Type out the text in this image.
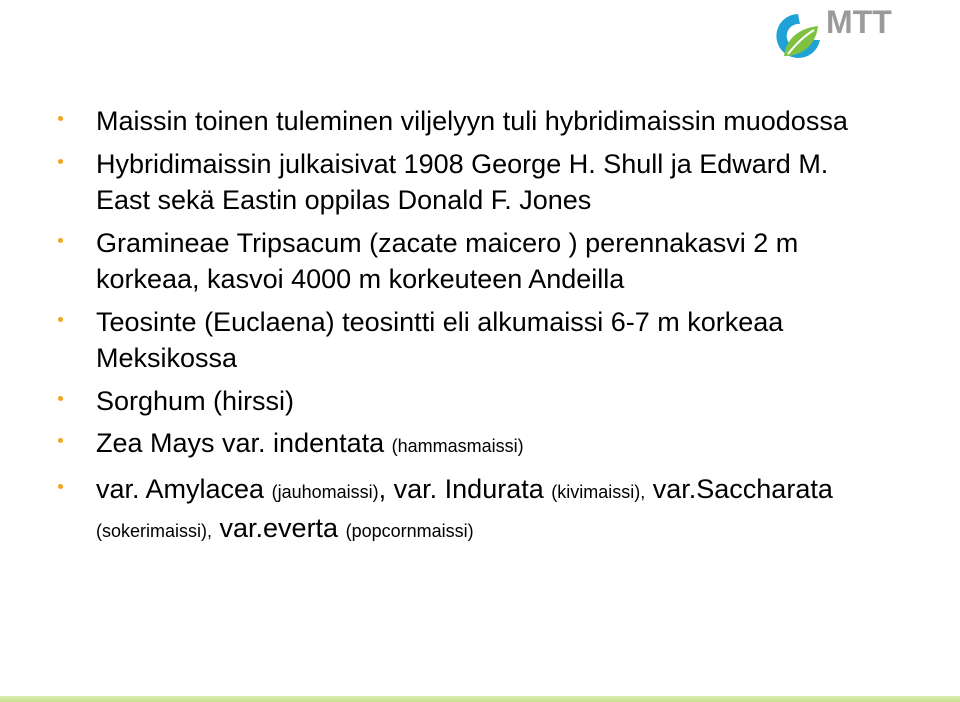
MTT
Maissin toinen tuleminen viljelyyn tuli hybridimaissin muodossa
Hybridimaissin julkaisivat 1908 George H. Shull ja Edward M. East sekä Eastin oppilas Donald F. Jones
Gramineae Tripsacum (zacate maicero ) perennakasvi 2 m korkeaa, kasvoi 4000 m korkeuteen Andeilla
Teosinte (Euclaena) teosintti eli alkumaissi 6-7 m korkeaa Meksikossa
Sorghum (hirssi)
Zea Mays var. indentata (hammasmaissi)
var. Amylacea (jauhomaissi), var. Indurata (kivimaissi), var.Saccharata (sokerimaissi), var.everta (popcornmaissi)
